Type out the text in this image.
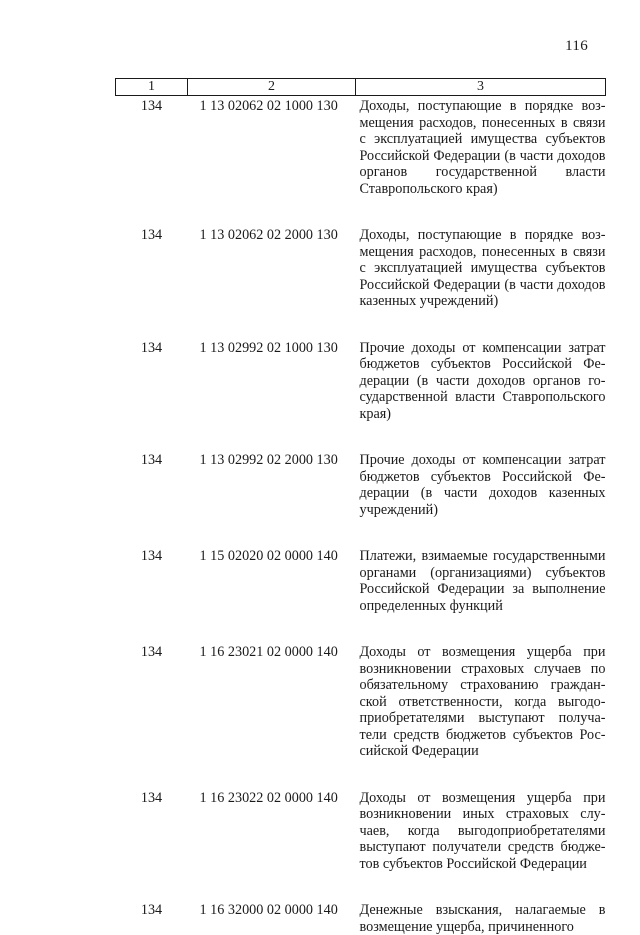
116
1	2	3
134	1 13 02062 02 1000 130	Доходы, поступающие в порядке возмещения расходов, понесенных в связи с эксплуатацией имущества субъектов Российской Федерации (в части доходов органов государственной власти Ставропольского края)

134	1 13 02062 02 2000 130	Доходы, поступающие в порядке возмещения расходов, понесенных в связи с эксплуатацией имущества субъектов Российской Федерации (в части доходов казенных учреждений)

134	1 13 02992 02 1000 130	Прочие доходы от компенсации затрат бюджетов субъектов Российской Федерации (в части доходов органов государственной власти Ставропольского края)

134	1 13 02992 02 2000 130	Прочие доходы от компенсации затрат бюджетов субъектов Российской Федерации (в части доходов казенных учреждений)

134	1 15 02020 02 0000 140	Платежи, взимаемые государственными органами (организациями) субъектов Российской Федерации за выполнение определенных функций

134	1 16 23021 02 0000 140	Доходы от возмещения ущерба при возникновении страховых случаев по обязательному страхованию гражданской ответственности, когда выгодоприобретателями выступают получатели средств бюджетов субъектов Российской Федерации

134	1 16 23022 02 0000 140	Доходы от возмещения ущерба при возникновении иных страховых случаев, когда выгодоприобретателями выступают получатели средств бюджетов субъектов Российской Федерации

134	1 16 32000 02 0000 140	Денежные взыскания, налагаемые в возмещение ущерба, причиненного
